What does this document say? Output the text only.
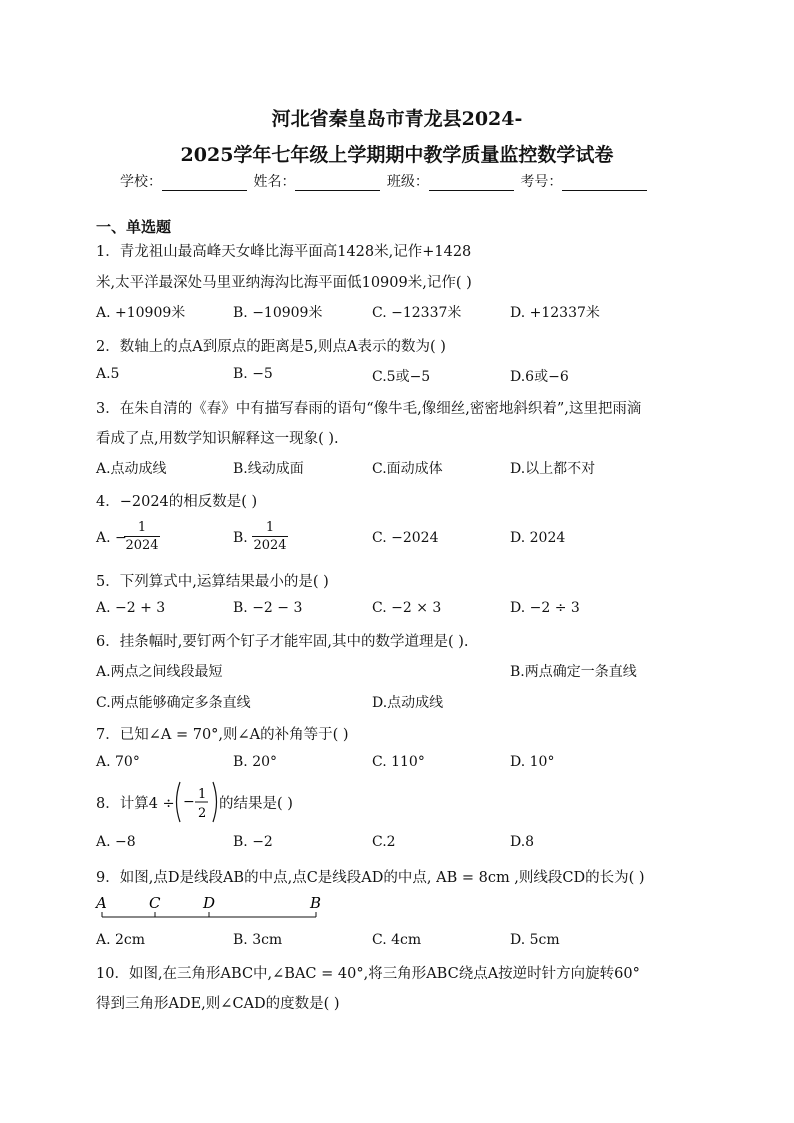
河北省秦皇岛市青龙县2024-
2025学年七年级上学期期中教学质量监控数学试卷
学校：	姓名：	班级：	考号：
一、单选题
1．青龙祖山最高峰天女峰比海平面高1428米,记作+1428
米,太平洋最深处马里亚纳海沟比海平面低10909米,记作( )
A. +10909米	B. −10909米	C. −12337米	D. +12337米
2．数轴上的点A到原点的距离是5,则点A表示的数为( )
A.5	B. −5	C.5或−5	D.6或−6
3．在朱自清的《春》中有描写春雨的语句“像牛毛,像细丝,密密地斜织着”,这里把雨滴
看成了点,用数学知识解释这一现象( ).
A.点动成线	B.线动成面	C.面动成体	D.以上都不对
4．−2024的相反数是( )
A. −
1
2024	B.
1
2024	C. −2024	D. 2024
5．下列算式中,运算结果最小的是( )
A. −2 + 3	B. −2 − 3	C. −2 × 3	D. −2 ÷ 3
6．挂条幅时,要钉两个钉子才能牢固,其中的数学道理是( ).
A.两点之间线段最短	B.两点确定一条直线
C.两点能够确定多条直线	D.点动成线
7．已知∠A = 70°,则∠A的补角等于( )
A. 70°	B. 20°	C. 110°	D. 10°
8．计算4 ÷ − 1
2
的结果是( )
A. −8	B. −2	C.2	D.8
9．如图,点D是线段AB的中点,点C是线段AD的中点, AB = 8cm ,则线段CD的长为( )
A	C	D	B
A. 2cm	B. 3cm	C. 4cm	D. 5cm
10．如图,在三角形ABC中,∠BAC = 40°,将三角形ABC绕点A按逆时针方向旋转60°
得到三角形ADE,则∠CAD的度数是( )
